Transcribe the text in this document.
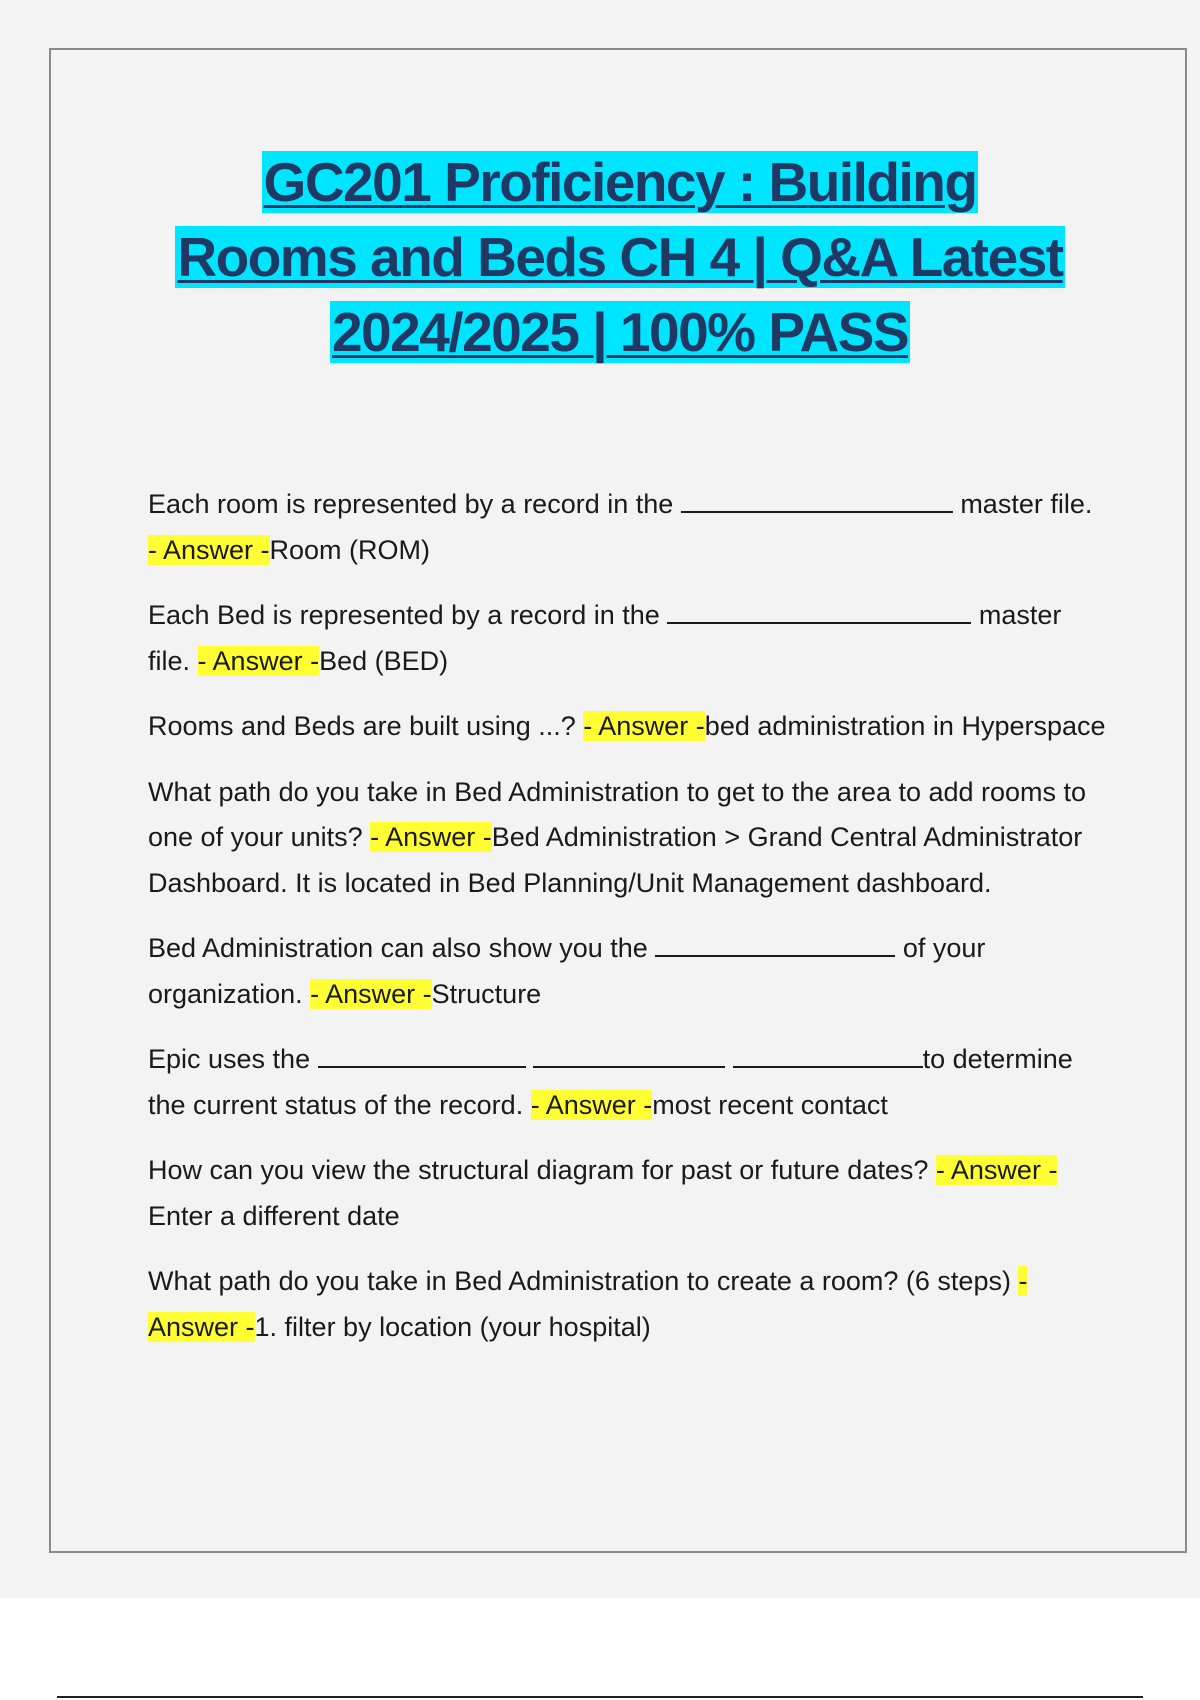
GC201 Proficiency : Building
Rooms and Beds CH 4 | Q&A Latest
2024/2025 | 100% PASS

Each room is represented by a record in the	master file. - Answer -Room (ROM)

Each Bed is represented by a record in the	master file. - Answer -Bed (BED)

Rooms and Beds are built using ...? - Answer -bed administration in Hyperspace

What path do you take in Bed Administration to get to the area to add rooms to one of your units? - Answer -Bed Administration > Grand Central Administrator Dashboard. It is located in Bed Planning/Unit Management dashboard.

Bed Administration can also show you the	of your organization. - Answer -Structure

Epic uses the	to determine the current status of the record. - Answer -most recent contact

How can you view the structural diagram for past or future dates? - Answer -Enter a different date

What path do you take in Bed Administration to create a room? (6 steps) - Answer -1. filter by location (your hospital)
